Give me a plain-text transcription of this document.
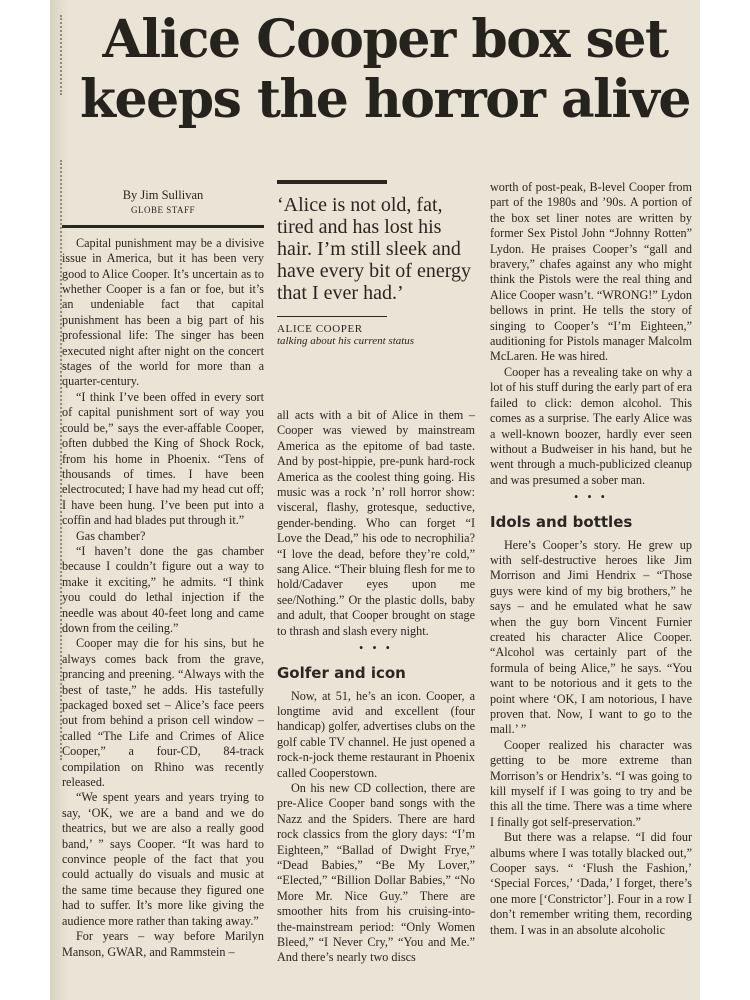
Alice Cooper box set
keeps the horror alive
By Jim Sullivan
GLOBE STAFF

Capital punishment may be a divisive issue in America, but it has been very good to Alice Cooper. It’s uncertain as to whether Cooper is a fan or foe, but it’s an undeniable fact that capital punishment has been a big part of his professional life: The singer has been executed night after night on the concert stages of the world for more than a quarter-century.

“I think I’ve been offed in every sort of capital punishment sort of way you could be,” says the ever-affable Cooper, often dubbed the King of Shock Rock, from his home in Phoenix. “Tens of thousands of times. I have been electrocuted; I have had my head cut off; I have been hung. I’ve been put into a coffin and had blades put through it.”

Gas chamber?

“I haven’t done the gas chamber because I couldn’t figure out a way to make it exciting,” he admits. “I think you could do lethal injection if the needle was about 40-feet long and came down from the ceiling.”

Cooper may die for his sins, but he always comes back from the grave, prancing and preening. “Always with the best of taste,” he adds. His tastefully packaged boxed set – Alice’s face peers out from behind a prison cell window – called “The Life and Crimes of Alice Cooper,” a four-CD, 84-track compilation on Rhino was recently released.

“We spent years and years trying to say, ‘OK, we are a band and we do theatrics, but we are also a really good band,’ ” says Cooper. “It was hard to convince people of the fact that you could actually do visuals and music at the same time because they figured one had to suffer. It’s more like giving the audience more rather than taking away.”

For years – way before Marilyn Manson, GWAR, and Rammstein –

‘Alice is not old, fat, tired and has lost his hair. I’m still sleek and have every bit of energy that I ever had.’
ALICE COOPER
talking about his current status

all acts with a bit of Alice in them – Cooper was viewed by mainstream America as the epitome of bad taste. And by post-hippie, pre-punk hard-rock America as the coolest thing going. His music was a rock ’n’ roll horror show: visceral, flashy, grotesque, seductive, gender-bending. Who can forget “I Love the Dead,” his ode to necrophilia? “I love the dead, before they’re cold,” sang Alice. “Their bluing flesh for me to hold/Cadaver eyes upon me see/Nothing.” Or the plastic dolls, baby and adult, that Cooper brought on stage to thrash and slash every night.

• • •
Golfer and icon

Now, at 51, he’s an icon. Cooper, a longtime avid and excellent (four handicap) golfer, advertises clubs on the golf cable TV channel. He just opened a rock-n-jock theme restaurant in Phoenix called Cooperstown.

On his new CD collection, there are pre-Alice Cooper band songs with the Nazz and the Spiders. There are hard rock classics from the glory days: “I’m Eighteen,” “Ballad of Dwight Frye,” “Dead Babies,” “Be My Lover,” “Elected,” “Billion Dollar Babies,” “No More Mr. Nice Guy.” There are smoother hits from his cruising-into-the-mainstream period: “Only Women Bleed,” “I Never Cry,” “You and Me.” And there’s nearly two discs

worth of post-peak, B-level Cooper from part of the 1980s and ’90s. A portion of the box set liner notes are written by former Sex Pistol John “Johnny Rotten” Lydon. He praises Cooper’s “gall and bravery,” chafes against any who might think the Pistols were the real thing and Alice Cooper wasn’t. “WRONG!” Lydon bellows in print. He tells the story of singing to Cooper’s “I’m Eighteen,” auditioning for Pistols manager Malcolm McLaren. He was hired.

Cooper has a revealing take on why a lot of his stuff during the early part of era failed to click: demon alcohol. This comes as a surprise. The early Alice was a well-known boozer, hardly ever seen without a Budweiser in his hand, but he went through a much-publicized cleanup and was presumed a sober man.

• • •
Idols and bottles

Here’s Cooper’s story. He grew up with self-destructive heroes like Jim Morrison and Jimi Hendrix – “Those guys were kind of my big brothers,” he says – and he emulated what he saw when the guy born Vincent Furnier created his character Alice Cooper. “Alcohol was certainly part of the formula of being Alice,” he says. “You want to be notorious and it gets to the point where ‘OK, I am notorious, I have proven that. Now, I want to go to the mall.’ ”

Cooper realized his character was getting to be more extreme than Morrison’s or Hendrix’s. “I was going to kill myself if I was going to try and be this all the time. There was a time where I finally got self-preservation.”

But there was a relapse. “I did four albums where I was totally blacked out,” Cooper says. “ ‘Flush the Fashion,’ ‘Special Forces,’ ‘Dada,’ I forget, there’s one more [‘Constrictor’]. Four in a row I don’t remember writing them, recording them. I was in an absolute alcoholic
